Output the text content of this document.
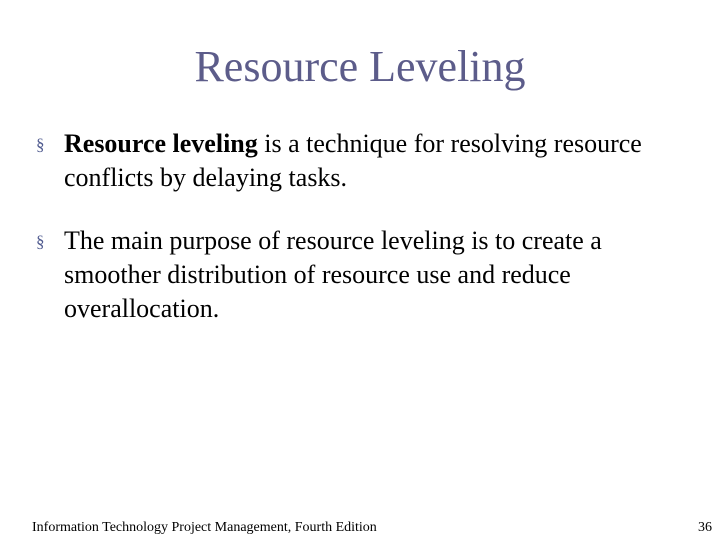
Resource Leveling
§ Resource leveling is a technique for resolving resource conflicts by delaying tasks.
§ The main purpose of resource leveling is to create a smoother distribution of resource use and reduce overallocation.
Information Technology Project Management, Fourth Edition	36
